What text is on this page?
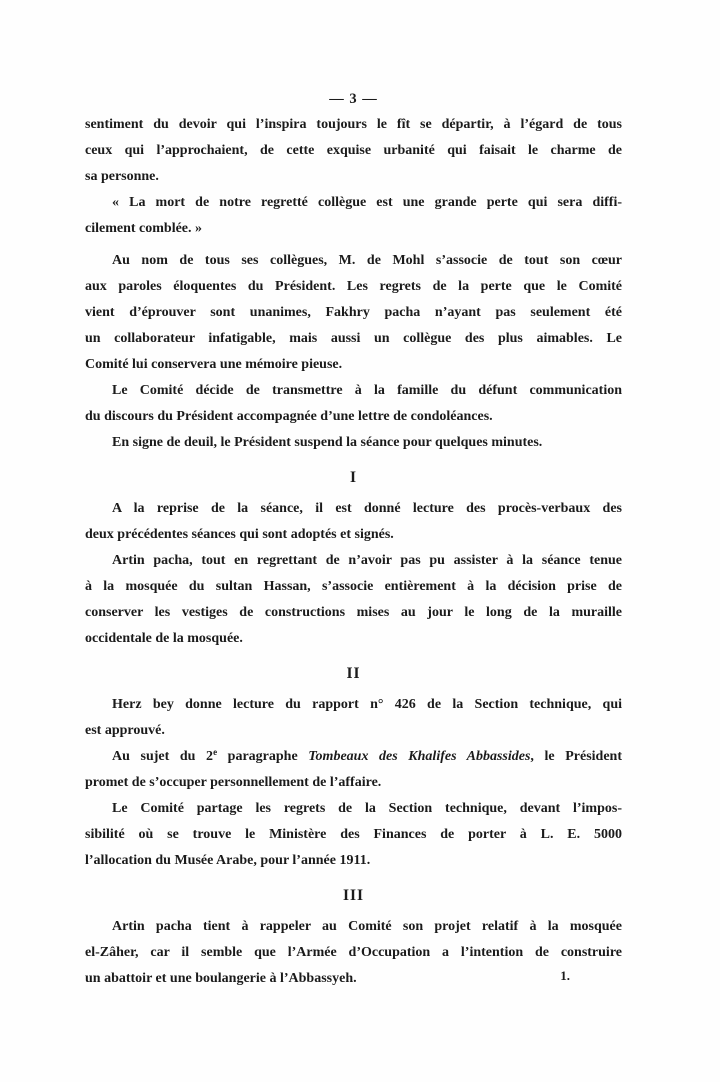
— 3 —
sentiment du devoir qui l’inspira toujours le fît se départir, à l’égard de tous
ceux qui l’approchaient, de cette exquise urbanité qui faisait le charme de
sa personne.
« La mort de notre regretté collègue est une grande perte qui sera diffi-
cilement comblée. »
Au nom de tous ses collègues, M. de Mohl s’associe de tout son cœur
aux paroles éloquentes du Président. Les regrets de la perte que le Comité
vient d’éprouver sont unanimes, Fakhry pacha n’ayant pas seulement été
un collaborateur infatigable, mais aussi un collègue des plus aimables. Le
Comité lui conservera une mémoire pieuse.
Le Comité décide de transmettre à la famille du défunt communication
du discours du Président accompagnée d’une lettre de condoléances.
En signe de deuil, le Président suspend la séance pour quelques minutes.
I
A la reprise de la séance, il est donné lecture des procès-verbaux des
deux précédentes séances qui sont adoptés et signés.
Artin pacha, tout en regrettant de n’avoir pas pu assister à la séance tenue
à la mosquée du sultan Hassan, s’associe entièrement à la décision prise de
conserver les vestiges de constructions mises au jour le long de la muraille
occidentale de la mosquée.
II
Herz bey donne lecture du rapport n° 426 de la Section technique, qui
est approuvé.
Au sujet du 2e paragraphe Tombeaux des Khalifes Abbassides, le Président
promet de s’occuper personnellement de l’affaire.
Le Comité partage les regrets de la Section technique, devant l’impos-
sibilité où se trouve le Ministère des Finances de porter à L. E. 5000
l’allocation du Musée Arabe, pour l’année 1911.
III
Artin pacha tient à rappeler au Comité son projet relatif à la mosquée
el-Zâher, car il semble que l’Armée d’Occupation a l’intention de construire
un abattoir et une boulangerie à l’Abbassyeh.	1.
